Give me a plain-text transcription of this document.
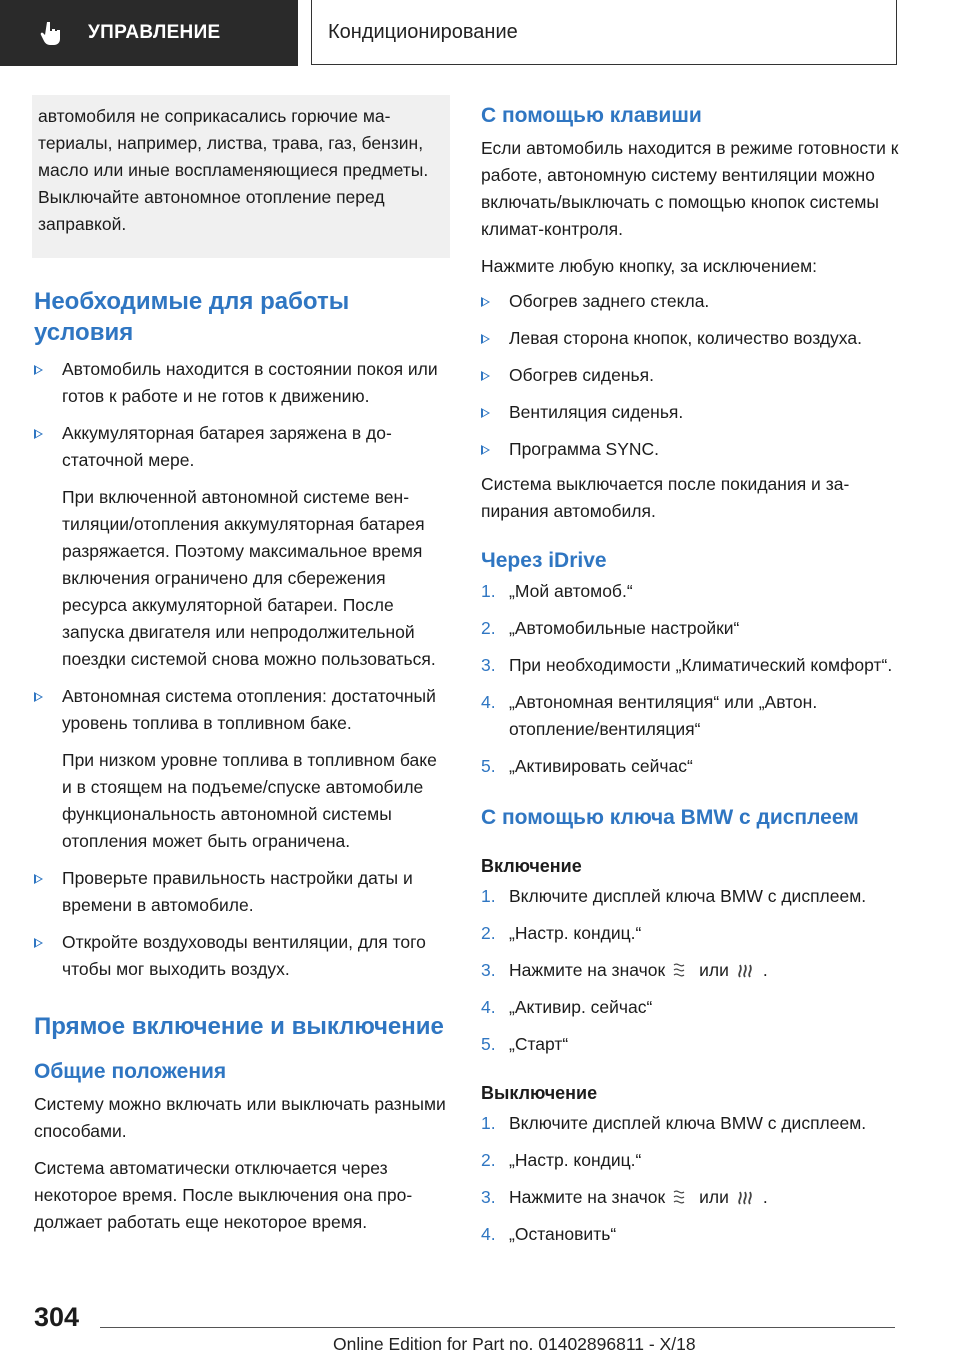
УПРАВЛЕНИЕ	Кондиционирование
автомобиля не соприкасались горючие материалы, например, листва, трава, газ, бензин, масло или иные воспламеняющиеся предметы. Выключайте автономное отопление перед заправкой.
Необходимые для работы условия
Автомобиль находится в состоянии покоя или готов к работе и не готов к движению.
Аккумуляторная батарея заряжена в достаточной мере.
При включенной автономной системе вентиляции/отопления аккумуляторная батарея разряжается. Поэтому максимальное время включения ограничено для сбережения ресурса аккумуляторной батареи. После запуска двигателя или непродолжительной поездки системой снова можно пользоваться.
Автономная система отопления: достаточный уровень топлива в топливном баке.
При низком уровне топлива в топливном баке и в стоящем на подъеме/спуске автомобиле функциональность автономной системы отопления может быть ограничена.
Проверьте правильность настройки даты и времени в автомобиле.
Откройте воздуховоды вентиляции, для того чтобы мог выходить воздух.
Прямое включение и выключение
Общие положения

Систему можно включать или выключать разными способами.

Система автоматически отключается через некоторое время. После выключения она продолжает работать еще некоторое время.

С помощью клавиши

Если автомобиль находится в режиме готовности к работе, автономную систему вентиляции можно включать/выключать с помощью кнопок системы климат-контроля.

Нажмите любую кнопку, за исключением:

Обогрев заднего стекла.
Левая сторона кнопок, количество воздуха.
Обогрев сиденья.
Вентиляция сиденья.
Программа SYNC.

Система выключается после покидания и запирания автомобиля.

Через iDrive
1. „Мой автомоб.“
2. „Автомобильные настройки“
3. При необходимости „Климатический комфорт“.
4. „Автономная вентиляция“ или „Автон. отопление/вентиляция“
5. „Активировать сейчас“
С помощью ключа BMW с дисплеем
Включение
1. Включите дисплей ключа BMW с дисплеем.
2. „Настр. кондиц.“
3. Нажмите на значок или .
4. „Активир. сейчас“
5. „Старт“
Выключение
1. Включите дисплей ключа BMW с дисплеем.
2. „Настр. кондиц.“
3. Нажмите на значок или .
4. „Остановить“
304
Online Edition for Part no. 01402896811 - X/18
